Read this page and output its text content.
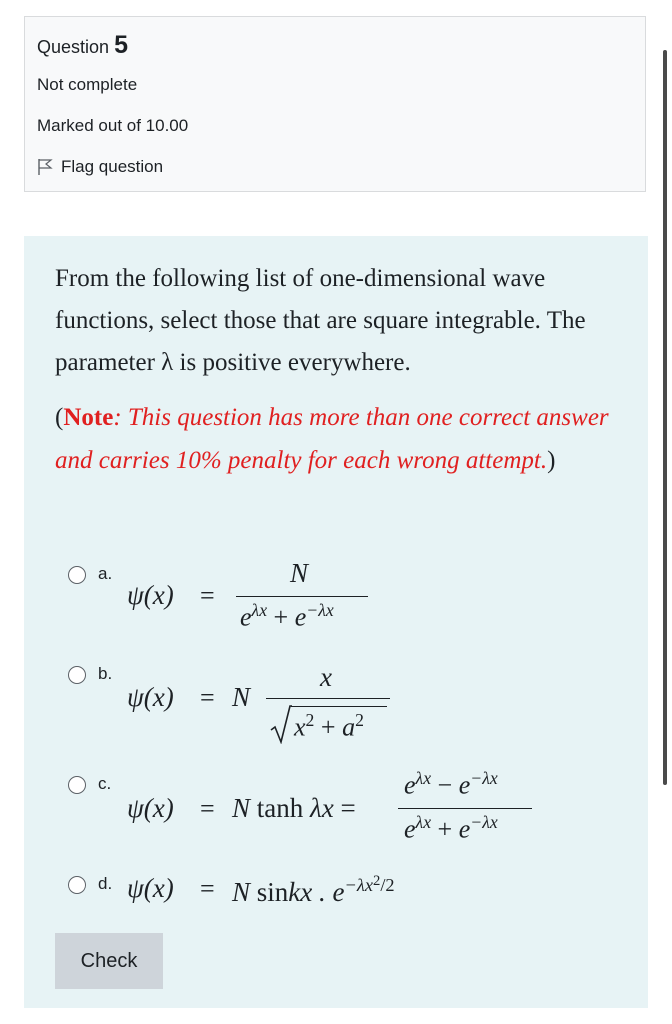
Question 5
Not complete
Marked out of 10.00
Flag question
From the following list of one-dimensional wave functions, select those that are square integrable. The parameter λ is positive everywhere.
(Note: This question has more than one correct answer and carries 10% penalty for each wrong attempt.)
a.
ψ(x) =
N
$e^{\lambda x} + e^{-\lambda x}$
b.
ψ(x) = N
x
$x^2 + a^2$
c.
ψ(x) = N tanh λx =
$e^{\lambda x} - e^{-\lambda x}$
$e^{\lambda x} + e^{-\lambda x}$
d. ψ(x) = N sinkx . $e^{-\lambda x^2/2}$
Check
